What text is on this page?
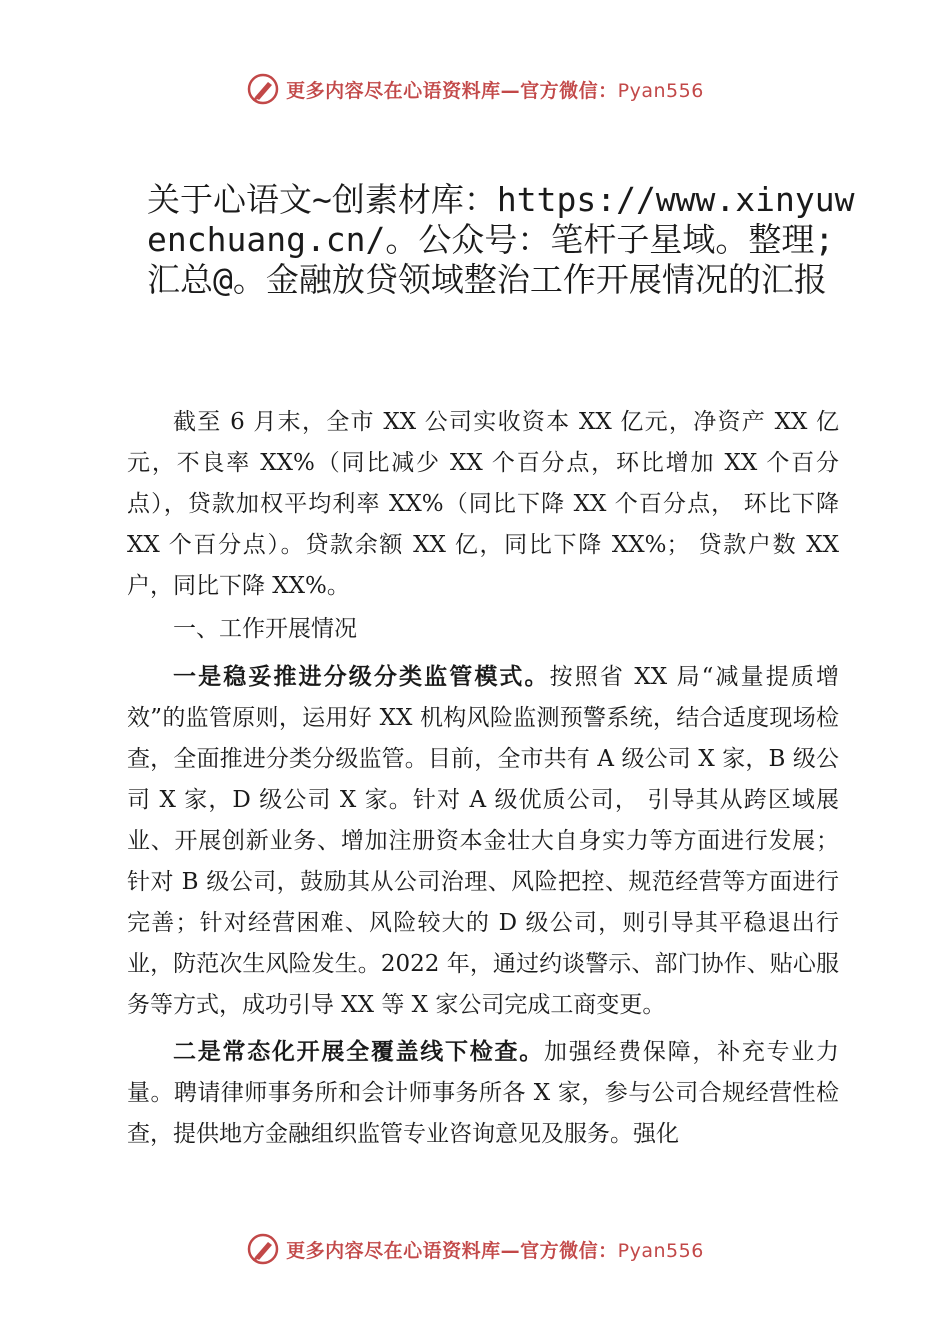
更多内容尽在心语资料库—官方微信：Pyan556
关于心语文~创素材库：https://www.xinyuwenchuang.cn/。公众号：笔杆子星域。整理;汇总@。金融放贷领域整治工作开展情况的汇报

截至 6 月末，全市 XX 公司实收资本 XX 亿元，净资产 XX 亿元，不良率 XX%（同比减少 XX 个百分点，环比增加 XX 个百分点），贷款加权平均利率 XX%（同比下降 XX 个百分点， 环比下降 XX 个百分点）。贷款余额 XX 亿，同比下降 XX%； 贷款户数 XX 户，同比下降 XX%。

一、工作开展情况

一是稳妥推进分级分类监管模式。按照省 XX 局“减量提质增效”的监管原则，运用好 XX 机构风险监测预警系统，结合适度现场检查，全面推进分类分级监管。目前，全市共有 A 级公司 X 家，B 级公司 X 家，D 级公司 X 家。针对 A 级优质公司， 引导其从跨区域展业、开展创新业务、增加注册资本金壮大自身实力等方面进行发展；针对 B 级公司，鼓励其从公司治理、风险把控、规范经营等方面进行完善；针对经营困难、风险较大的 D 级公司，则引导其平稳退出行业，防范次生风险发生。2022 年，通过约谈警示、部门协作、贴心服务等方式，成功引导 XX 等 X 家公司完成工商变更。

二是常态化开展全覆盖线下检查。加强经费保障，补充专业力量。聘请律师事务所和会计师事务所各 X 家，参与公司合规经营性检查，提供地方金融组织监管专业咨询意见及服务。强化

更多内容尽在心语资料库—官方微信：Pyan556
